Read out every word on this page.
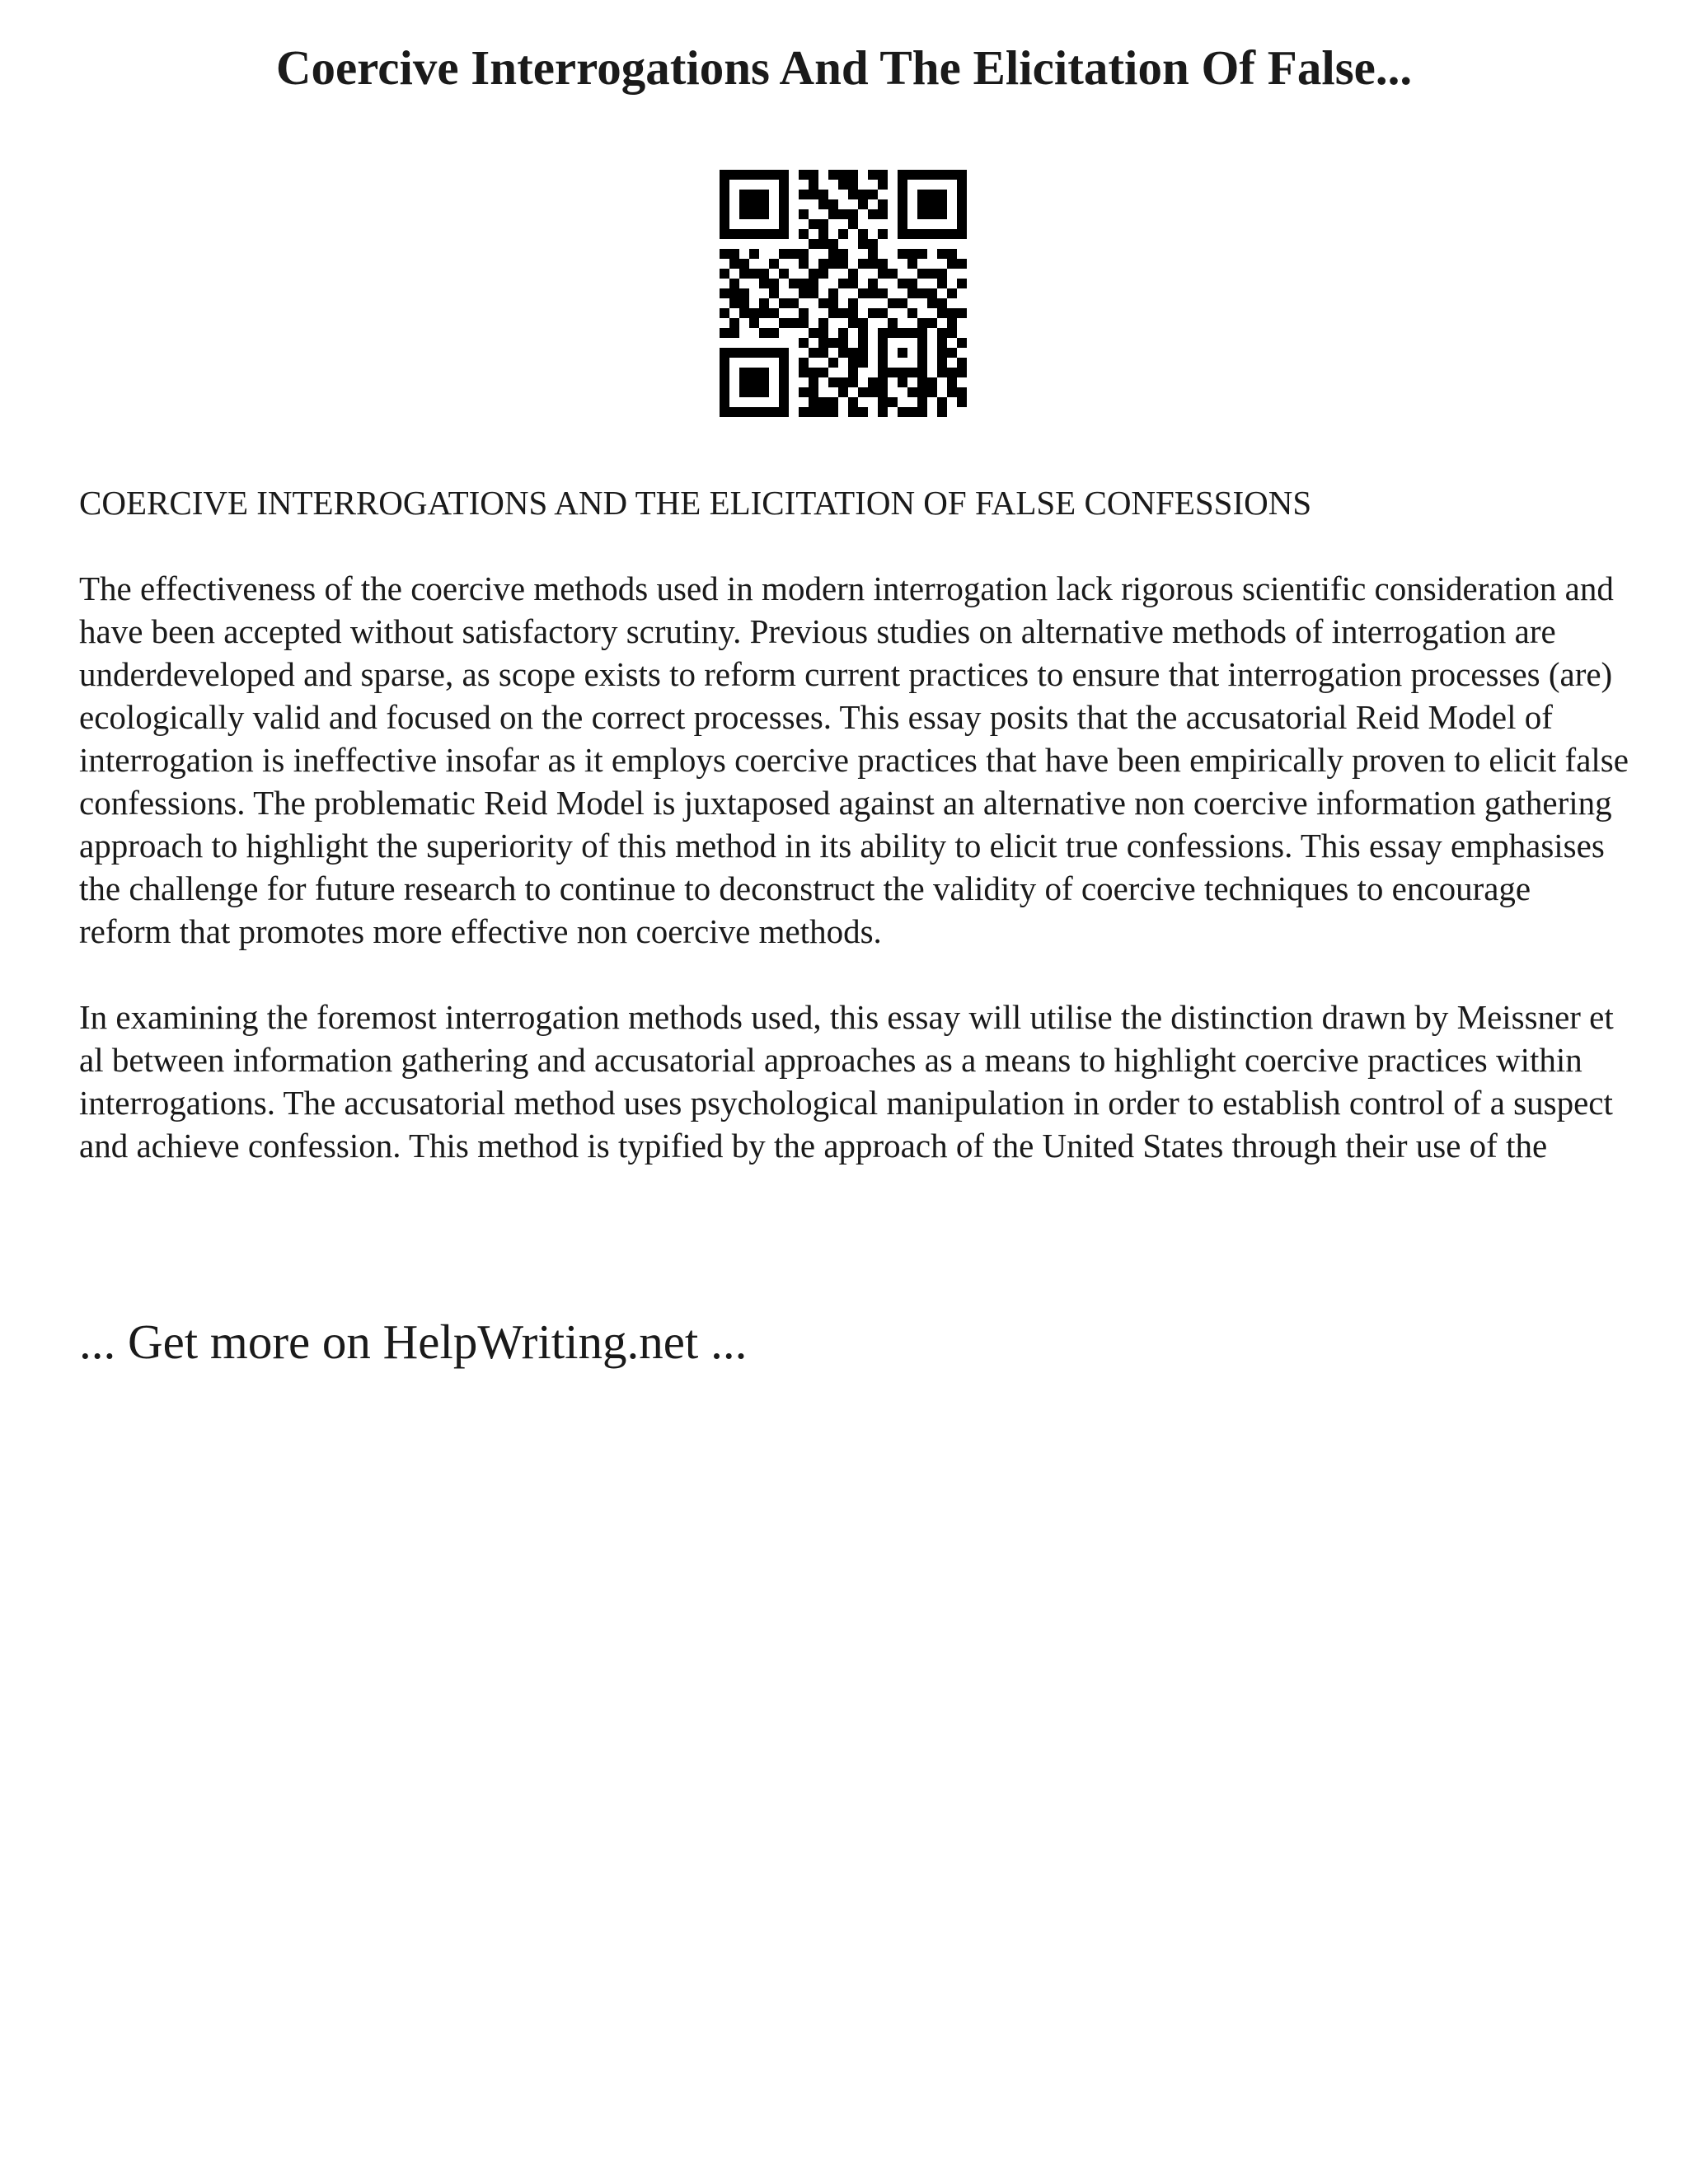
Coercive Interrogations And The Elicitation Of False...

COERCIVE INTERROGATIONS AND THE ELICITATION OF FALSE CONFESSIONS

The effectiveness of the coercive methods used in modern interrogation lack rigorous scientific consideration and have been accepted without satisfactory scrutiny. Previous studies on alternative methods of interrogation are underdeveloped and sparse, as scope exists to reform current practices to ensure that interrogation processes (are) ecologically valid and focused on the correct processes. This essay posits that the accusatorial Reid Model of interrogation is ineffective insofar as it employs coercive practices that have been empirically proven to elicit false confessions. The problematic Reid Model is juxtaposed against an alternative non coercive information gathering approach to highlight the superiority of this method in its ability to elicit true confessions. This essay emphasises the challenge for future research to continue to deconstruct the validity of coercive techniques to encourage reform that promotes more effective non coercive methods.

In examining the foremost interrogation methods used, this essay will utilise the distinction drawn by Meissner et al between information gathering and accusatorial approaches as a means to highlight coercive practices within interrogations. The accusatorial method uses psychological manipulation in order to establish control of a suspect and achieve confession. This method is typified by the approach of the United States through their use of the

... Get more on HelpWriting.net ...
